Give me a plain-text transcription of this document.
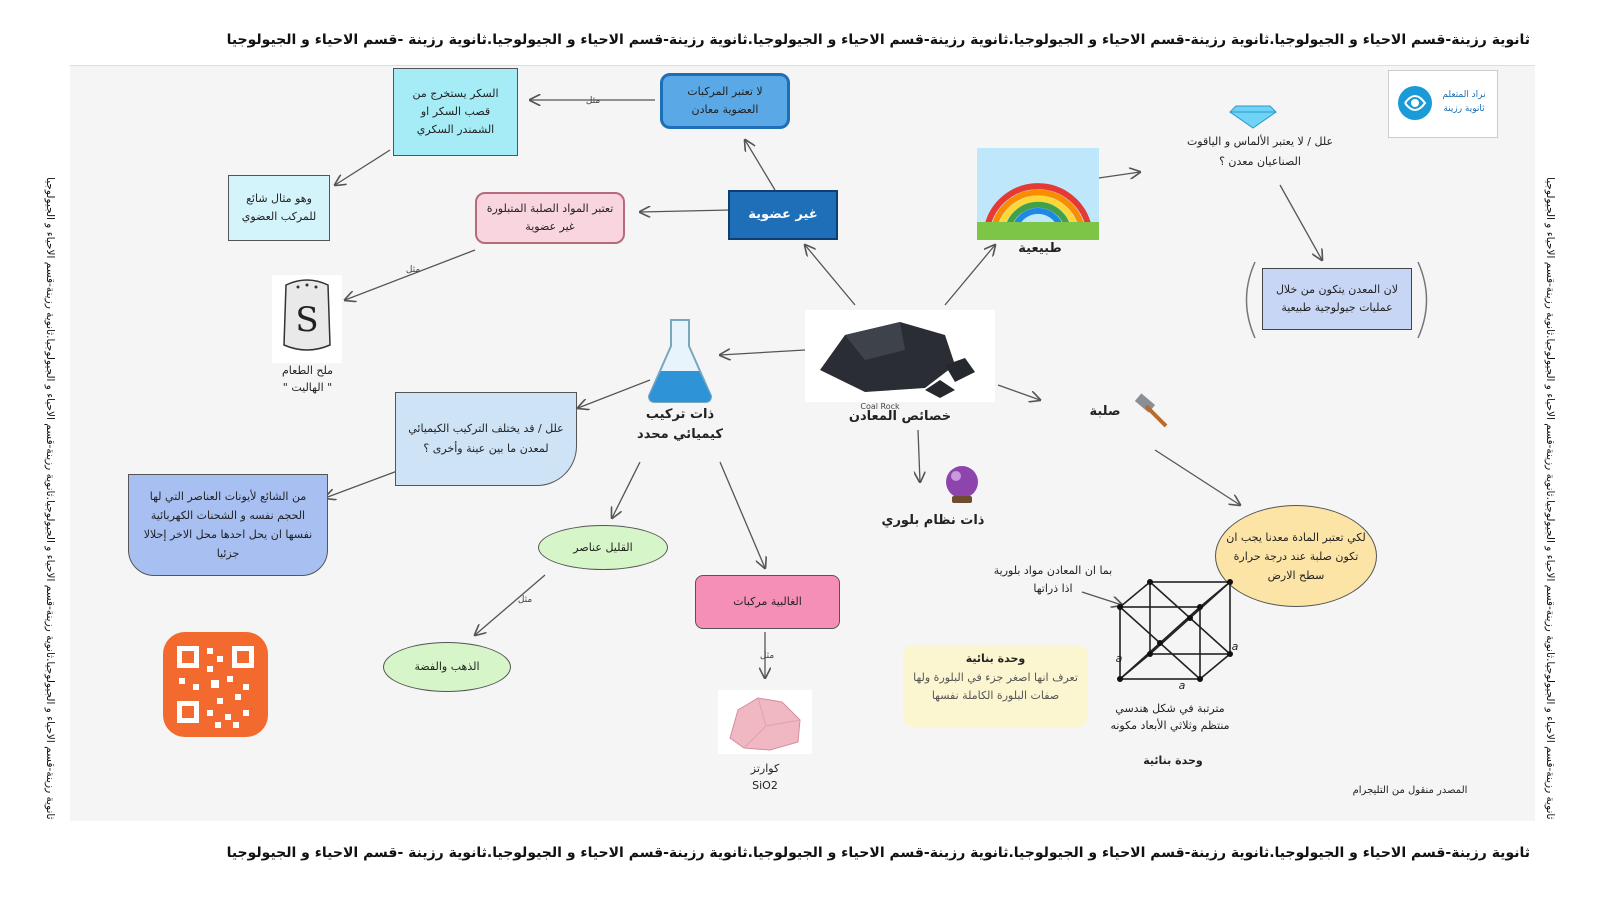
ثانوية رزينة-قسم الاحياء و الجيولوجيا.ثانوية رزينة-قسم الاحياء و الجيولوجيا.ثانوية رزينة-قسم الاحياء و الجيولوجيا.ثانوية رزينة-قسم الاحياء و الجيولوجيا.ثانوية رزينة -قسم الاحياء و الجيولوجيا
ثانوية رزينة-قسم الاحياء و الجيولوجيا.ثانوية رزينة-قسم الاحياء و الجيولوجيا.ثانوية رزينة-قسم الاحياء و الجيولوجيا.ثانوية رزينة-قسم الاحياء و الجيولوجيا.ثانوية رزينة -قسم الاحياء و الجيولوجيا
ثانوية رزينة-قسم الاحياء و الجيولوجيا.ثانوية رزينة-قسم الاحياء و الجيولوجيا.ثانوية رزينة-قسم الاحياء و الجيولوجيا.ثانوية رزينة-قسم الاحياء و الجيولوجيا	ثانوية رزينة-قسم الاحياء و الجيولوجيا.ثانوية رزينة-قسم الاحياء و الجيولوجيا.ثانوية رزينة-قسم الاحياء و الجيولوجيا.ثانوية رزينة-قسم الاحياء و الجيولوجيا
مثل
مثل
مثل
مثل
نراد المتعلم
ثانوية رزينة
Coal Rock
خصائص المعادن
غير عضوية
لا تعتبر المركبات العضوية معادن
السكر يستخرج من قصب السكر او الشمندر السكري
وهو مثال شائع للمركب العضوي
تعتبر المواد الصلبة المتبلورة غير عضوية
S
ملح الطعام
" الهاليت "
طبيعية
علل / لا يعتبر الألماس و الياقوت الصناعيان معدن ؟
لان المعدن يتكون من خلال عمليات جيولوجية طبيعية
ذات تركيب كيميائي محدد
علل / قد يختلف التركيب الكيميائي لمعدن ما بين عينة وأخرى ؟
من الشائع لأيونات العناصر التي لها الحجم نفسه و الشحنات الكهربائية نفسها ان يحل احدها محل الاخر إحلالا جزئيا	القليل عناصر
الذهب والفضة
الغالبية مركبات
كوارتز
SiO2
ذات نظام بلوري
صلبة
لكي تعتبر المادة معدنا يجب ان تكون صلبة عند درجة حرارة سطح الارض
بما ان المعادن مواد بلورية اذا ذراتها
a
a
a
مترتبة في شكل هندسي منتظم وثلاثي الأبعاد مكونه
وحدة بنائية
وحدة بنائية
تعرف انها اصغر جزء في البلورة ولها صفات البلورة الكاملة نفسها
المصدر منقول من التليجرام
